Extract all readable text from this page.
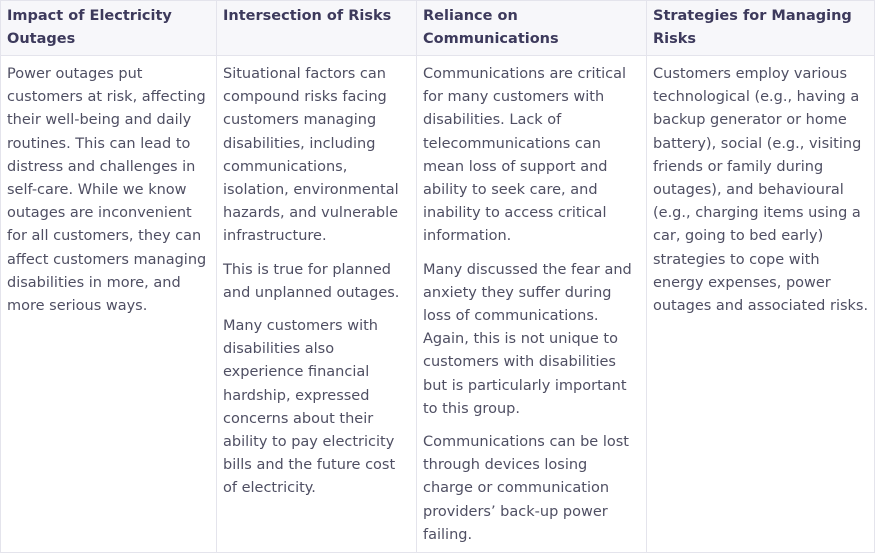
Impact of Electricity Outages
Intersection of Risks	Reliance on Communications
Strategies for Managing Risks

Power outages put customers at risk, affecting their well-being and daily routines. This can lead to distress and challenges in self-care. While we know outages are inconvenient for all customers, they can affect customers managing disabilities in more, and more serious ways.

Situational factors can compound risks facing customers managing disabilities, including communications, isolation, environmental hazards, and vulnerable infrastructure.

This is true for planned and unplanned outages.

Many customers with disabilities also experience financial hardship, expressed concerns about their ability to pay electricity bills and the future cost of electricity.

Communications are critical for many customers with disabilities. Lack of telecommunications can mean loss of support and ability to seek care, and inability to access critical information.

Many discussed the fear and anxiety they suffer during loss of communications. Again, this is not unique to customers with disabilities but is particularly important to this group.

Communications can be lost through devices losing charge or communication providers’ back-up power failing.

Customers employ various technological (e.g., having a backup generator or home battery), social (e.g., visiting friends or family during outages), and behavioural (e.g., charging items using a car, going to bed early) strategies to cope with energy expenses, power outages and associated risks.
